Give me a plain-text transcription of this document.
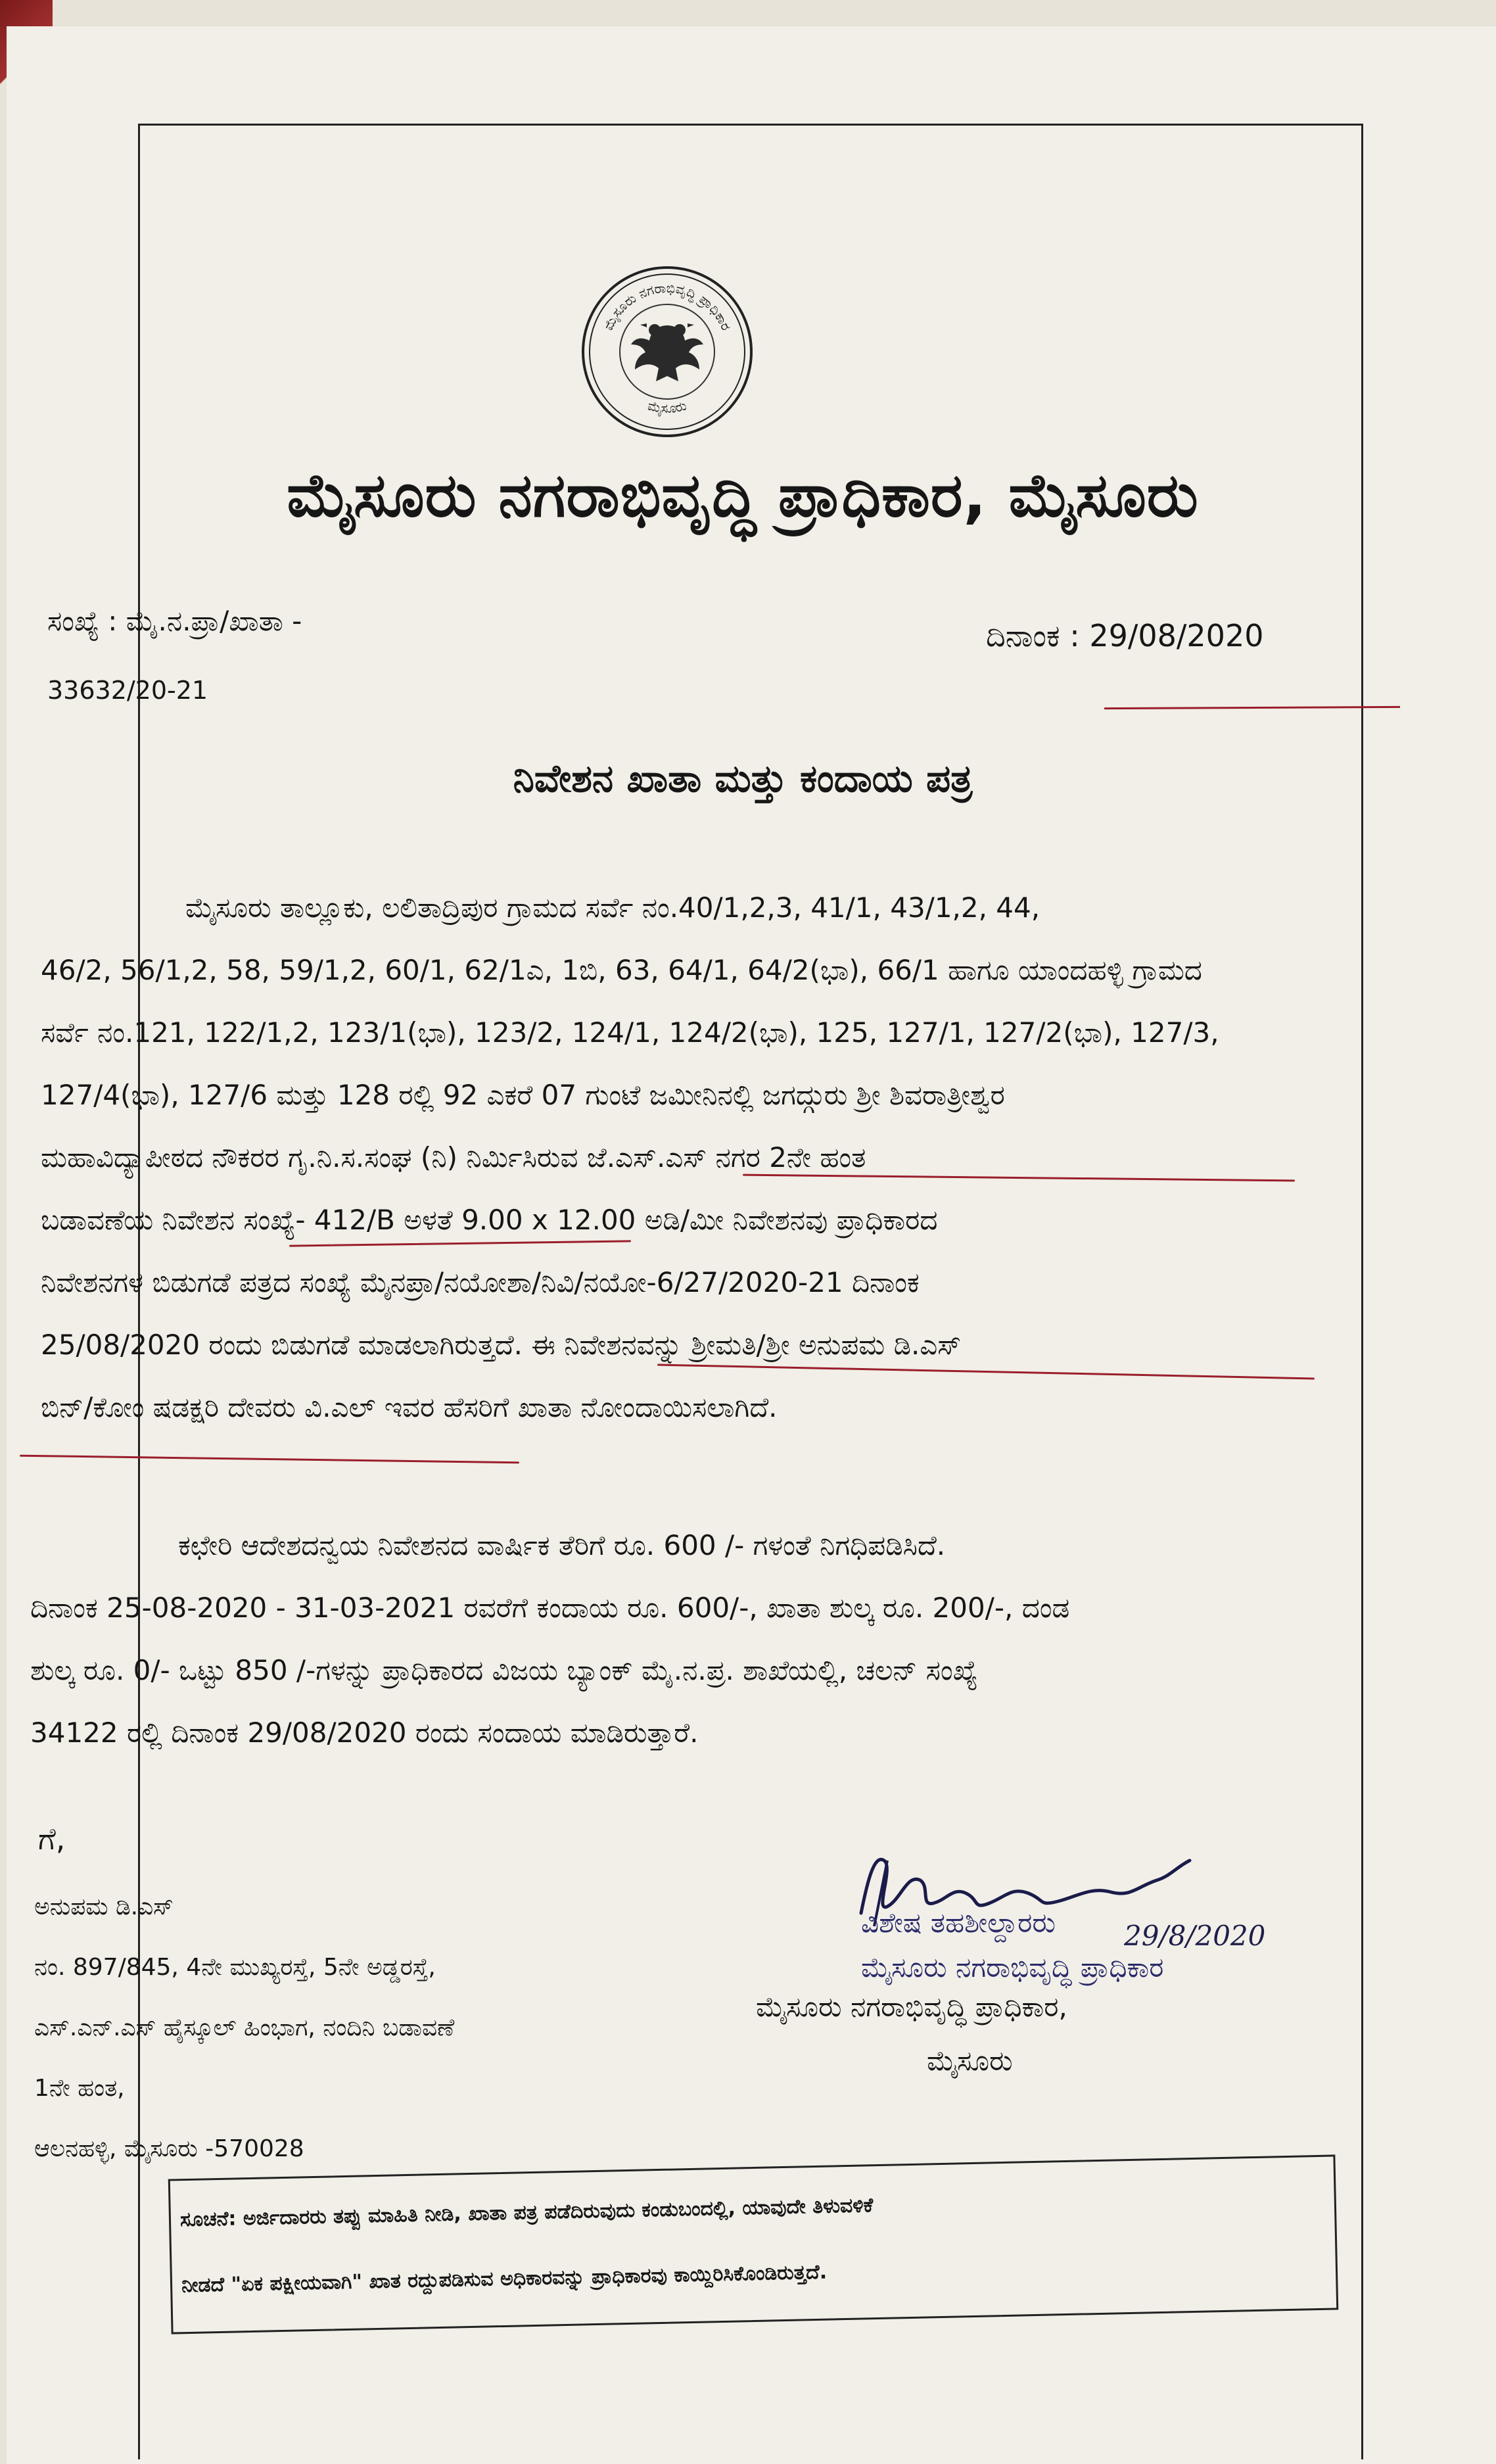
ಮೈಸೂರು ನಗರಾಭಿವೃದ್ಧಿ ಪ್ರಾಧಿಕಾರ
ಮೈಸೂರು
ಮೈಸೂರು ನಗರಾಭಿವೃದ್ಧಿ ಪ್ರಾಧಿಕಾರ, ಮೈಸೂರು
ಸಂಖ್ಯೆ : ಮೈ.ನ.ಪ್ರಾ/ಖಾತಾ -
33632/20-21
ದಿನಾಂಕ : 29/08/2020
ನಿವೇಶನ ಖಾತಾ ಮತ್ತು ಕಂದಾಯ ಪತ್ರ
ಮೈಸೂರು ತಾಲ್ಲೂಕು, ಲಲಿತಾದ್ರಿಪುರ ಗ್ರಾಮದ ಸರ್ವೆ ನಂ.40/1,2,3, 41/1, 43/1,2, 44,
46/2, 56/1,2, 58, 59/1,2, 60/1, 62/1ಎ, 1ಬಿ, 63, 64/1, 64/2(ಭಾ), 66/1 ಹಾಗೂ ಯಾಂದಹಳ್ಳಿ ಗ್ರಾಮದ
ಸರ್ವೆ ನಂ.121, 122/1,2, 123/1(ಭಾ), 123/2, 124/1, 124/2(ಭಾ), 125, 127/1, 127/2(ಭಾ), 127/3,
127/4(ಭಾ), 127/6 ಮತ್ತು 128 ರಲ್ಲಿ 92 ಎಕರೆ 07 ಗುಂಟೆ ಜಮೀನಿನಲ್ಲಿ ಜಗದ್ಗುರು ಶ್ರೀ ಶಿವರಾತ್ರೀಶ್ವರ
ಮಹಾವಿದ್ಯಾಪೀಠದ ನೌಕರರ ಗೃ.ನಿ.ಸ.ಸಂಘ (ನಿ) ನಿರ್ಮಿಸಿರುವ ಜೆ.ಎಸ್.ಎಸ್ ನಗರ 2ನೇ ಹಂತ
ಬಡಾವಣೆಯ ನಿವೇಶನ ಸಂಖ್ಯೆ- 412/B ಅಳತೆ 9.00 x 12.00 ಅಡಿ/ಮೀ ನಿವೇಶನವು ಪ್ರಾಧಿಕಾರದ
ನಿವೇಶನಗಳ ಬಿಡುಗಡೆ ಪತ್ರದ ಸಂಖ್ಯೆ ಮೈನಪ್ರಾ/ನಯೋಶಾ/ನಿವಿ/ನಯೋ-6/27/2020-21 ದಿನಾಂಕ
25/08/2020 ರಂದು ಬಿಡುಗಡೆ ಮಾಡಲಾಗಿರುತ್ತದೆ. ಈ ನಿವೇಶನವನ್ನು ಶ್ರೀಮತಿ/ಶ್ರೀ ಅನುಪಮ ಡಿ.ಎಸ್
ಬಿನ್/ಕೋಂ ಷಡಕ್ಷರಿ ದೇವರು ವಿ.ಎಲ್ ಇವರ ಹೆಸರಿಗೆ ಖಾತಾ ನೋಂದಾಯಿಸಲಾಗಿದೆ.
ಕಛೇರಿ ಆದೇಶದನ್ವಯ ನಿವೇಶನದ ವಾರ್ಷಿಕ ತೆರಿಗೆ ರೂ. 600 /- ಗಳಂತೆ ನಿಗಧಿಪಡಿಸಿದೆ.
ದಿನಾಂಕ 25-08-2020 - 31-03-2021 ರವರೆಗೆ ಕಂದಾಯ ರೂ. 600/-, ಖಾತಾ ಶುಲ್ಕ ರೂ. 200/-, ದಂಡ
ಶುಲ್ಕ ರೂ. 0/- ಒಟ್ಟು 850 /-ಗಳನ್ನು ಪ್ರಾಧಿಕಾರದ ವಿಜಯ ಬ್ಯಾಂಕ್ ಮೈ.ನ.ಪ್ರ. ಶಾಖೆಯಲ್ಲಿ, ಚಲನ್ ಸಂಖ್ಯೆ
34122 ರಲ್ಲಿ ದಿನಾಂಕ 29/08/2020 ರಂದು ಸಂದಾಯ ಮಾಡಿರುತ್ತಾರೆ.
ಗೆ,
ಅನುಪಮ ಡಿ.ಎಸ್
ನಂ. 897/845, 4ನೇ ಮುಖ್ಯರಸ್ತೆ, 5ನೇ ಅಡ್ಡರಸ್ತೆ,
ಎಸ್.ಎನ್.ಎಸ್ ಹೈಸ್ಕೂಲ್ ಹಿಂಭಾಗ, ನಂದಿನಿ ಬಡಾವಣೆ
1ನೇ ಹಂತ,
ಆಲನಹಳ್ಳಿ, ಮೈಸೂರು -570028
ವಿಶೇಷ ತಹಶೀಲ್ದಾರರು 29/8/2020
ಮೈಸೂರು ನಗರಾಭಿವೃದ್ಧಿ ಪ್ರಾಧಿಕಾರ
ಮೈಸೂರು ನಗರಾಭಿವೃದ್ಧಿ ಪ್ರಾಧಿಕಾರ,
ಮೈಸೂರು
ಸೂಚನೆ: ಅರ್ಜಿದಾರರು ತಪ್ಪು ಮಾಹಿತಿ ನೀಡಿ, ಖಾತಾ ಪತ್ರ ಪಡೆದಿರುವುದು ಕಂಡುಬಂದಲ್ಲಿ, ಯಾವುದೇ ತಿಳುವಳಿಕೆ
ನೀಡದೆ "ಏಕ ಪಕ್ಷೀಯವಾಗಿ" ಖಾತ ರದ್ದುಪಡಿಸುವ ಅಧಿಕಾರವನ್ನು ಪ್ರಾಧಿಕಾರವು ಕಾಯ್ದಿರಿಸಿಕೊಂಡಿರುತ್ತದೆ.
